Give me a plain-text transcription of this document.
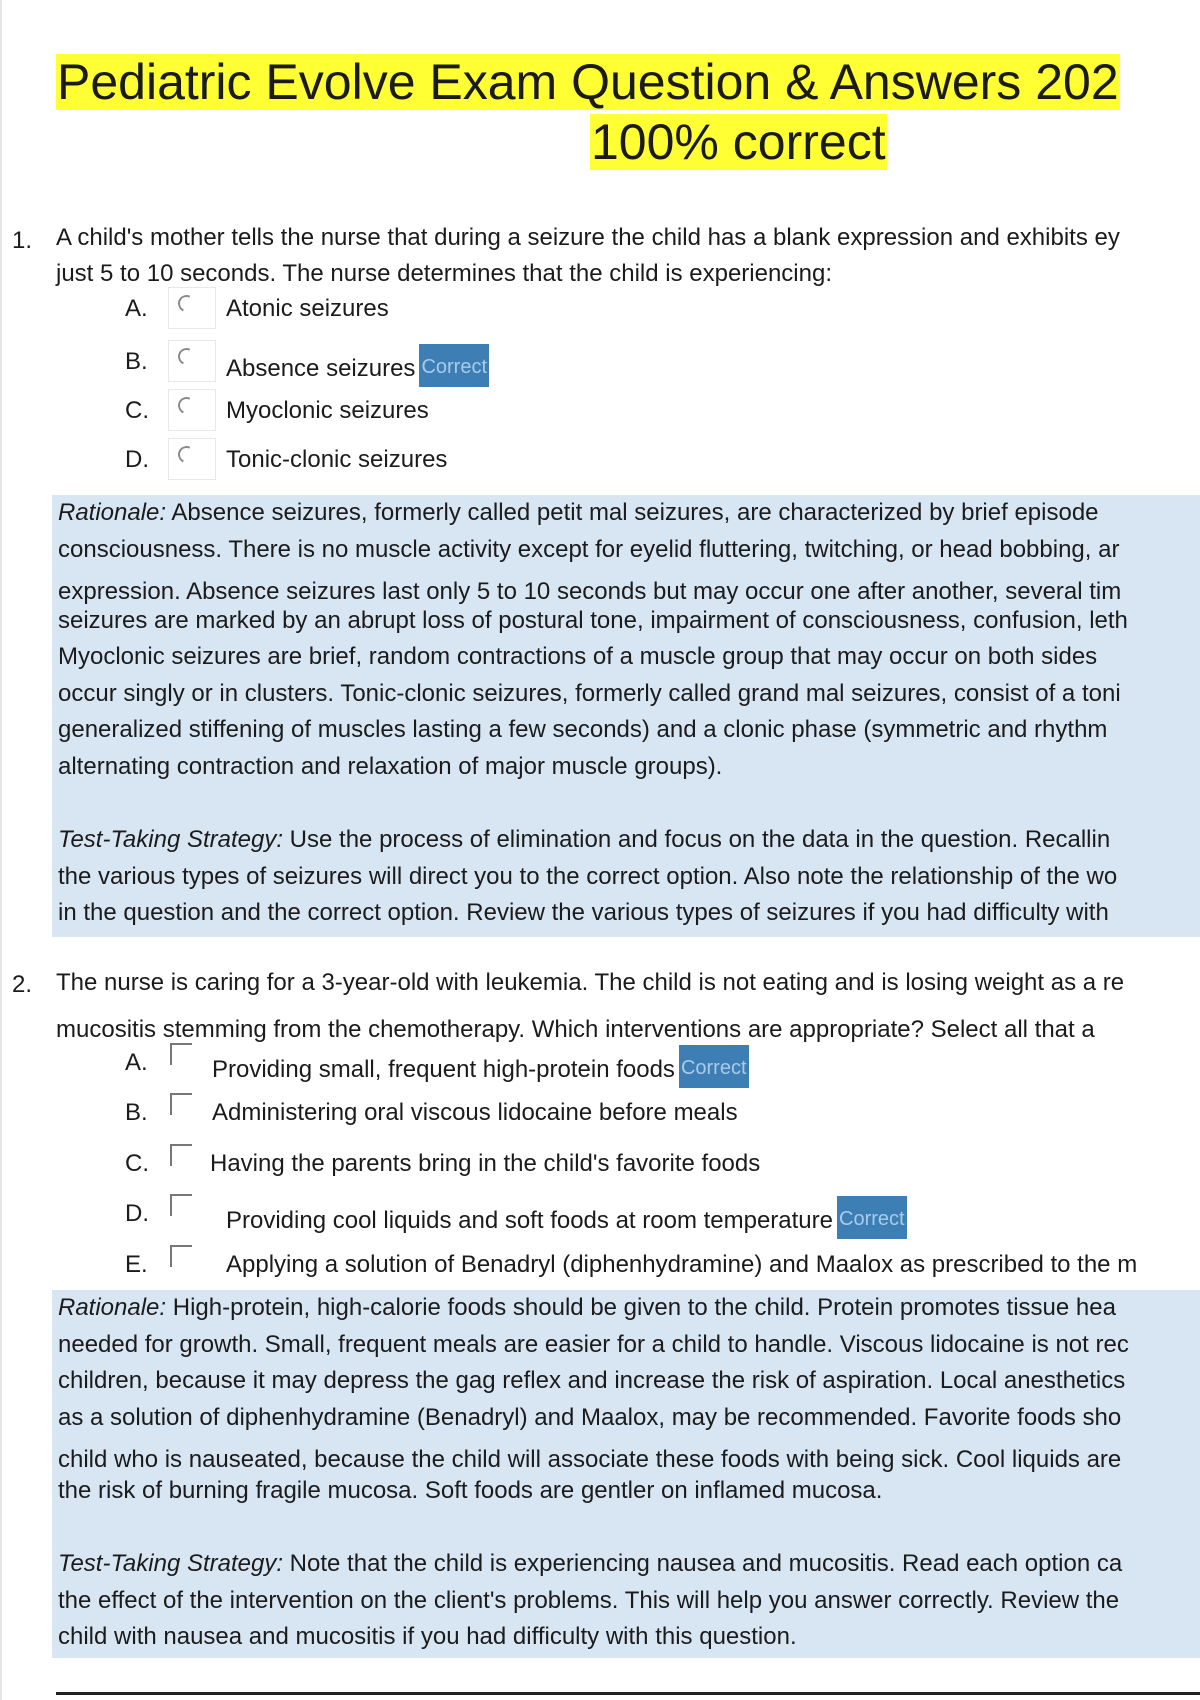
Pediatric Evolve Exam Question & Answers 202
100% correct
1. A child's mother tells the nurse that during a seizure the child has a blank expression and exhibits ey
just 5 to 10 seconds. The nurse determines that the child is experiencing:
A.	Atonic seizures
B.	Absence seizures Correct
C.	Myoclonic seizures
D.	Tonic-clonic seizures
Rationale: Absence seizures, formerly called petit mal seizures, are characterized by brief episode
consciousness. There is no muscle activity except for eyelid fluttering, twitching, or head bobbing, ar
expression. Absence seizures last only 5 to 10 seconds but may occur one after another, several tim
seizures are marked by an abrupt loss of postural tone, impairment of consciousness, confusion, leth
Myoclonic seizures are brief, random contractions of a muscle group that may occur on both sides
occur singly or in clusters. Tonic-clonic seizures, formerly called grand mal seizures, consist of a toni
generalized stiffening of muscles lasting a few seconds) and a clonic phase (symmetric and rhythm
alternating contraction and relaxation of major muscle groups).
Test-Taking Strategy: Use the process of elimination and focus on the data in the question. Recallin
the various types of seizures will direct you to the correct option. Also note the relationship of the wo
in the question and the correct option. Review the various types of seizures if you had difficulty with
2. The nurse is caring for a 3-year-old with leukemia. The child is not eating and is losing weight as a re
mucositis stemming from the chemotherapy. Which interventions are appropriate? Select all that a
A.	Providing small, frequent high-protein foods Correct
B.	Administering oral viscous lidocaine before meals
C.	Having the parents bring in the child's favorite foods
D.	Providing cool liquids and soft foods at room temperature Correct
E.	Applying a solution of Benadryl (diphenhydramine) and Maalox as prescribed to the m
Rationale: High-protein, high-calorie foods should be given to the child. Protein promotes tissue hea
needed for growth. Small, frequent meals are easier for a child to handle. Viscous lidocaine is not rec
children, because it may depress the gag reflex and increase the risk of aspiration. Local anesthetics
as a solution of diphenhydramine (Benadryl) and Maalox, may be recommended. Favorite foods sho
child who is nauseated, because the child will associate these foods with being sick. Cool liquids are
the risk of burning fragile mucosa. Soft foods are gentler on inflamed mucosa.
Test-Taking Strategy: Note that the child is experiencing nausea and mucositis. Read each option ca
the effect of the intervention on the client's problems. This will help you answer correctly. Review the
child with nausea and mucositis if you had difficulty with this question.
